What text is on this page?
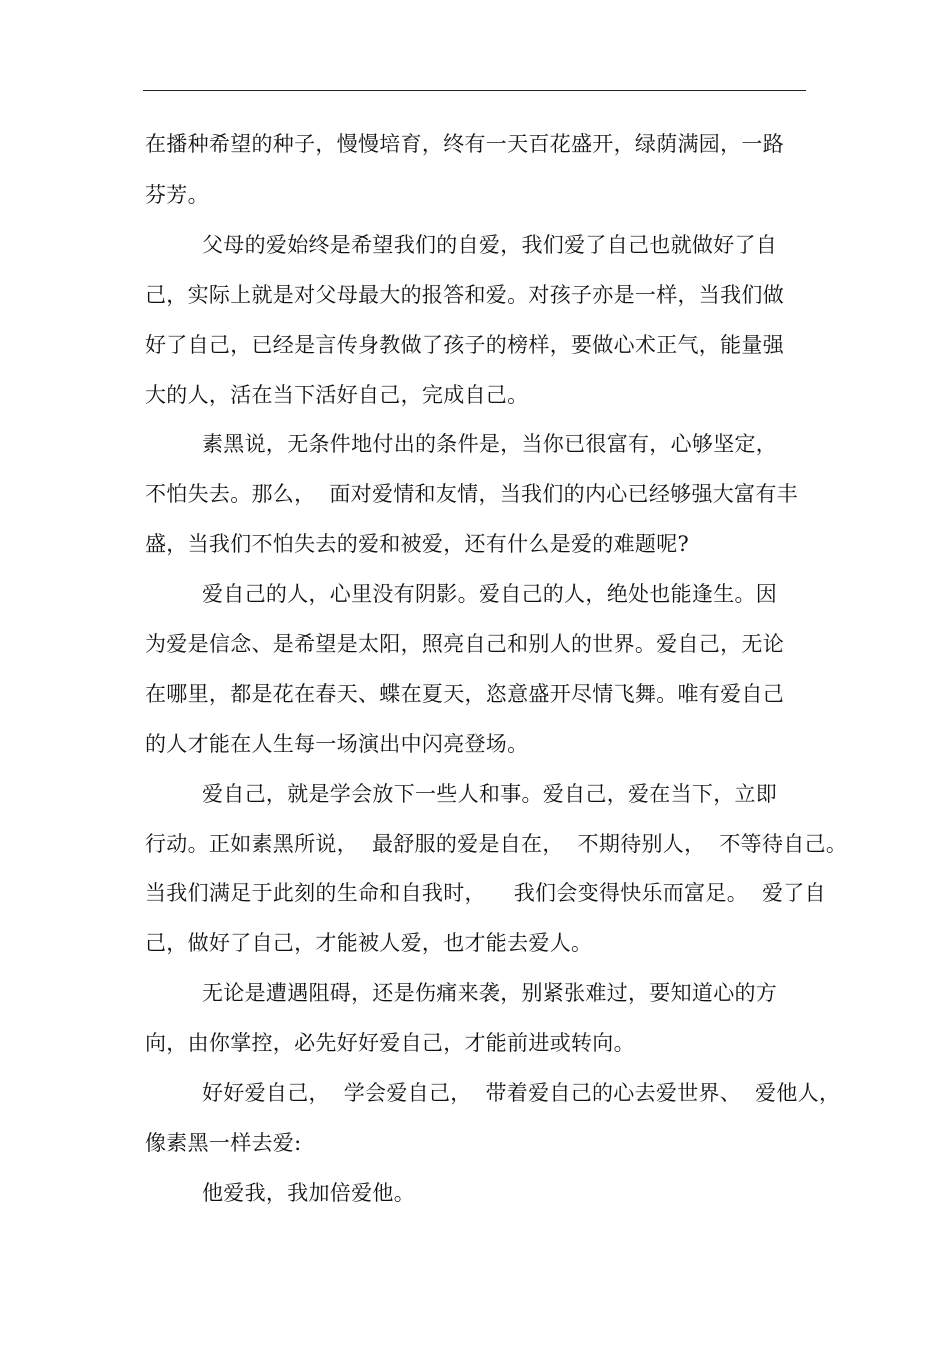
在播种希望的种子，慢慢培育，终有一天百花盛开，绿荫满园，一路
芬芳。
父母的爱始终是希望我们的自爱，我们爱了自己也就做好了自
己，实际上就是对父母最大的报答和爱。对孩子亦是一样，当我们做
好了自己，已经是言传身教做了孩子的榜样，要做心术正气，能量强
大的人，活在当下活好自己，完成自己。
素黑说，无条件地付出的条件是，当你已很富有，心够坚定，
不怕失去。那么，  面对爱情和友情，当我们的内心已经够强大富有丰
盛，当我们不怕失去的爱和被爱，还有什么是爱的难题呢?
爱自己的人，心里没有阴影。爱自己的人，绝处也能逢生。因
为爱是信念、是希望是太阳，照亮自己和别人的世界。爱自己，无论
在哪里，都是花在春天、蝶在夏天，恣意盛开尽情飞舞。唯有爱自己
的人才能在人生每一场演出中闪亮登场。
爱自己，就是学会放下一些人和事。爱自己，爱在当下，立即
行动。正如素黑所说，  最舒服的爱是自在，  不期待别人，  不等待自己。
当我们满足于此刻的生命和自我时，    我们会变得快乐而富足。  爱了自
己，做好了自己，才能被人爱，也才能去爱人。
无论是遭遇阻碍，还是伤痛来袭，别紧张难过，要知道心的方
向，由你掌控，必先好好爱自己，才能前进或转向。
好好爱自己，  学会爱自己，  带着爱自己的心去爱世界、  爱他人，
像素黑一样去爱:
他爱我，我加倍爱他。
